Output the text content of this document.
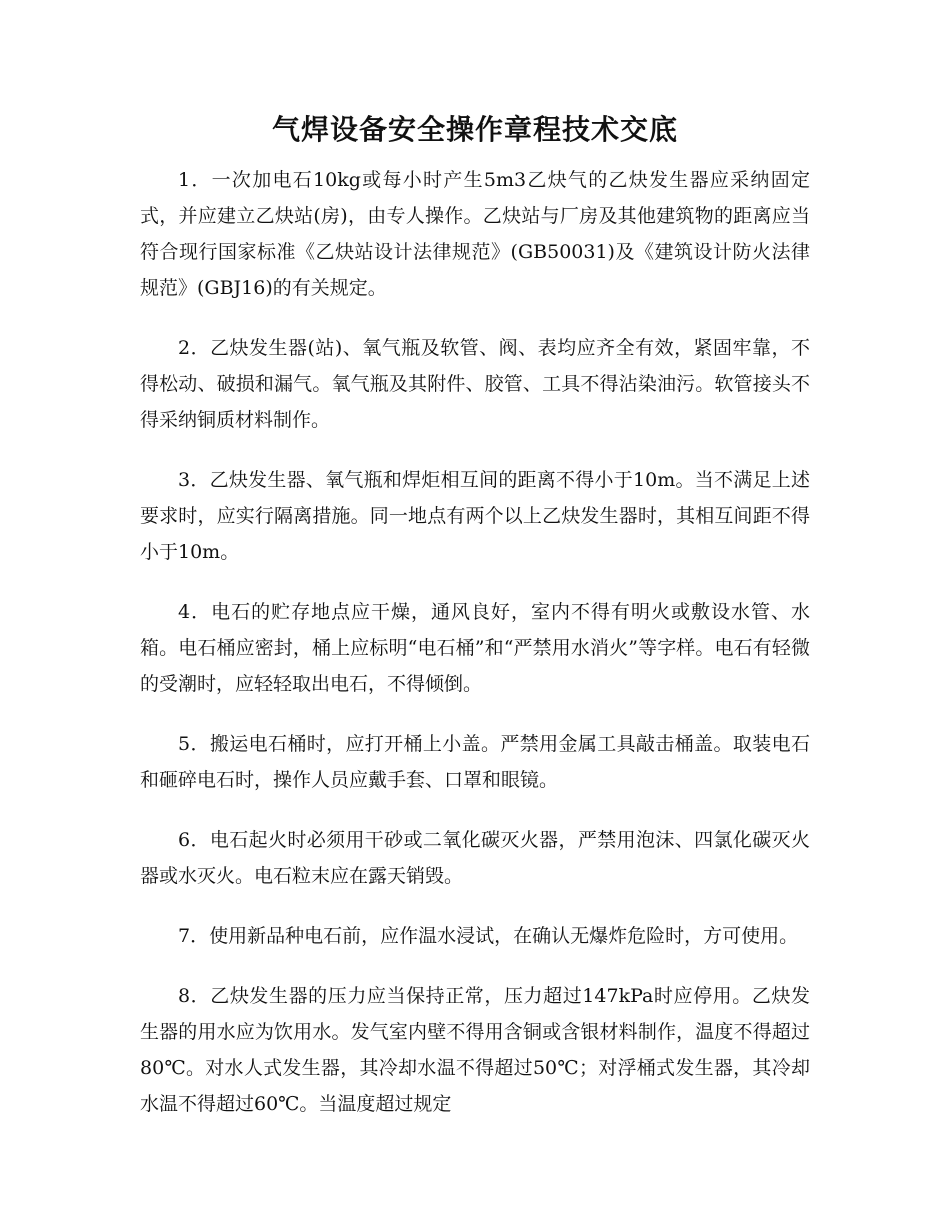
气焊设备安全操作章程技术交底

1．一次加电石10kg或每小时产生5m3乙炔气的乙炔发生器应采纳固定式，并应建立乙炔站(房)，由专人操作。乙炔站与厂房及其他建筑物的距离应当符合现行国家标准《乙炔站设计法律规范》(GB50031)及《建筑设计防火法律规范》(GBJ16)的有关规定。

2．乙炔发生器(站)、氧气瓶及软管、阀、表均应齐全有效，紧固牢靠，不得松动、破损和漏气。氧气瓶及其附件、胶管、工具不得沾染油污。软管接头不得采纳铜质材料制作。

3．乙炔发生器、氧气瓶和焊炬相互间的距离不得小于10m。当不满足上述要求时，应实行隔离措施。同一地点有两个以上乙炔发生器时，其相互间距不得小于10m。

4．电石的贮存地点应干燥，通风良好，室内不得有明火或敷设水管、水箱。电石桶应密封，桶上应标明“电石桶”和“严禁用水消火”等字样。电石有轻微的受潮时，应轻轻取出电石，不得倾倒。

5．搬运电石桶时，应打开桶上小盖。严禁用金属工具敲击桶盖。取装电石和砸碎电石时，操作人员应戴手套、口罩和眼镜。

6．电石起火时必须用干砂或二氧化碳灭火器，严禁用泡沫、四氯化碳灭火器或水灭火。电石粒末应在露天销毁。

7．使用新品种电石前，应作温水浸试，在确认无爆炸危险时，方可使用。

8．乙炔发生器的压力应当保持正常，压力超过147kPa时应停用。乙炔发生器的用水应为饮用水。发气室内壁不得用含铜或含银材料制作，温度不得超过80℃。对水人式发生器，其冷却水温不得超过50℃；对浮桶式发生器，其冷却水温不得超过60℃。当温度超过规定
